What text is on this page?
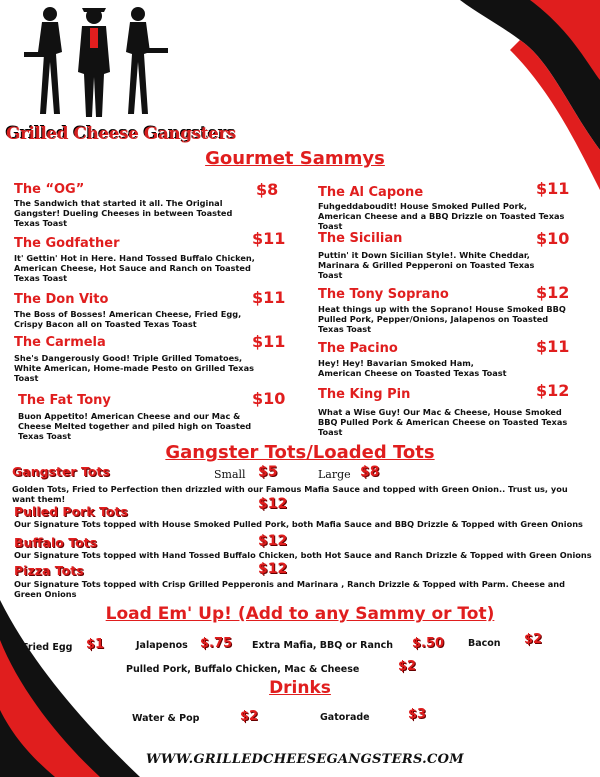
Grilled Cheese Gangsters
Gourmet Sammys
The “OG”	$8
The Sandwich that started it all. The Original Gangster! Dueling Cheeses in between Toasted Texas Toast
The Godfather	$11
It' Gettin' Hot in Here. Hand Tossed Buffalo Chicken, American Cheese, Hot Sauce and Ranch on Toasted Texas Toast
The Don Vito	$11
The Boss of Bosses! American Cheese, Fried Egg, Crispy Bacon all on Toasted Texas Toast
The Carmela	$11
She's Dangerously Good! Triple Grilled Tomatoes, White American, Home-made Pesto on Grilled Texas Toast
The Fat Tony	$10
Buon Appetito! American Cheese and our Mac & Cheese Melted together and piled high on Toasted Texas Toast
The Al Capone	$11
Fuhgeddaboudit! House Smoked Pulled Pork, American Cheese and a BBQ Drizzle on Toasted Texas Toast
The Sicilian	$10
Puttin' it Down Sicilian Style!. White Cheddar, Marinara & Grilled Pepperoni on Toasted Texas Toast
The Tony Soprano	$12
Heat things up with the Soprano! House Smoked BBQ Pulled Pork, Pepper/Onions, Jalapenos on Toasted Texas Toast
The Pacino	$11
Hey! Hey! Bavarian Smoked Ham, American Cheese on Toasted Texas Toast
The King Pin	$12
What a Wise Guy! Our Mac & Cheese, House Smoked BBQ Pulled Pork & American Cheese on Toasted Texas Toast
Gangster Tots/Loaded Tots
Gangster Tots	Small $5	Large $8
Golden Tots, Fried to Perfection then drizzled with our Famous Mafia Sauce and topped with Green Onion.. Trust us, you want them!
Pulled Pork Tots	$12
Our Signature Tots topped with House Smoked Pulled Pork, both Mafia Sauce and BBQ Drizzle & Topped with Green Onions
Buffalo Tots	$12
Our Signature Tots topped with Hand Tossed Buffalo Chicken, both Hot Sauce and Ranch Drizzle & Topped with Green Onions
Pizza Tots	$12
Our Signature Tots topped with Crisp Grilled Pepperonis and Marinara , Ranch Drizzle & Topped with Parm. Cheese and Green Onions
Load Em' Up! (Add to any Sammy or Tot)
Fried Egg $1	Jalapenos $.75 Extra Mafia, BBQ or Ranch $.50	Bacon $2
Pulled Pork, Buffalo Chicken, Mac & Cheese	$2
Drinks
Water & Pop	$2	Gatorade	$3
WWW.GRILLEDCHEESEGANGSTERS.COM
